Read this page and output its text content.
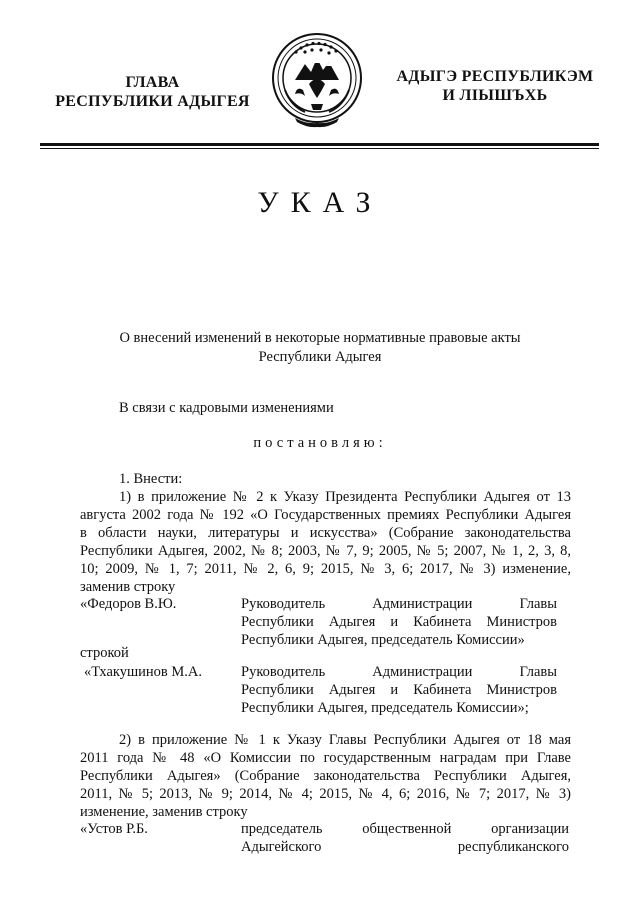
ГЛАВА
РЕСПУБЛИКИ АДЫГЕЯ
АДЫГЭ РЕСПУБЛИКЭМ
И ЛІЫШЪХЬ
УКАЗ
О внесений изменений в некоторые нормативные правовые акты
Республики Адыгея
В связи с кадровыми изменениями
постановляю:
1. Внести:
1) в приложение № 2 к Указу Президента Республики Адыгея от 13
августа 2002 года № 192 «О Государственных премиях Республики Адыгея
в области науки, литературы и искусства» (Собрание законодательства
Республики Адыгея, 2002, № 8; 2003, № 7, 9; 2005, № 5; 2007, № 1, 2, 3, 8,
10; 2009, № 1, 7; 2011, № 2, 6, 9; 2015, № 3, 6; 2017, № 3) изменение,
заменив строку
«Федоров В.Ю.	Руководитель Администрации Главы
Республики Адыгея и Кабинета Министров
Республики Адыгея, председатель Комиссии»
строкой
«Тхакушинов М.А.	Руководитель Администрации Главы
Республики Адыгея и Кабинета Министров
Республики Адыгея, председатель Комиссии»;
2) в приложение № 1 к Указу Главы Республики Адыгея от 18 мая
2011 года № 48 «О Комиссии по государственным наградам при Главе
Республики Адыгея» (Собрание законодательства Республики Адыгея,
2011, № 5; 2013, № 9; 2014, № 4; 2015, № 4, 6; 2016, № 7; 2017, № 3)
изменение, заменив строку
«Устов Р.Б.	председатель общественной организации
Адыгейского республиканского
